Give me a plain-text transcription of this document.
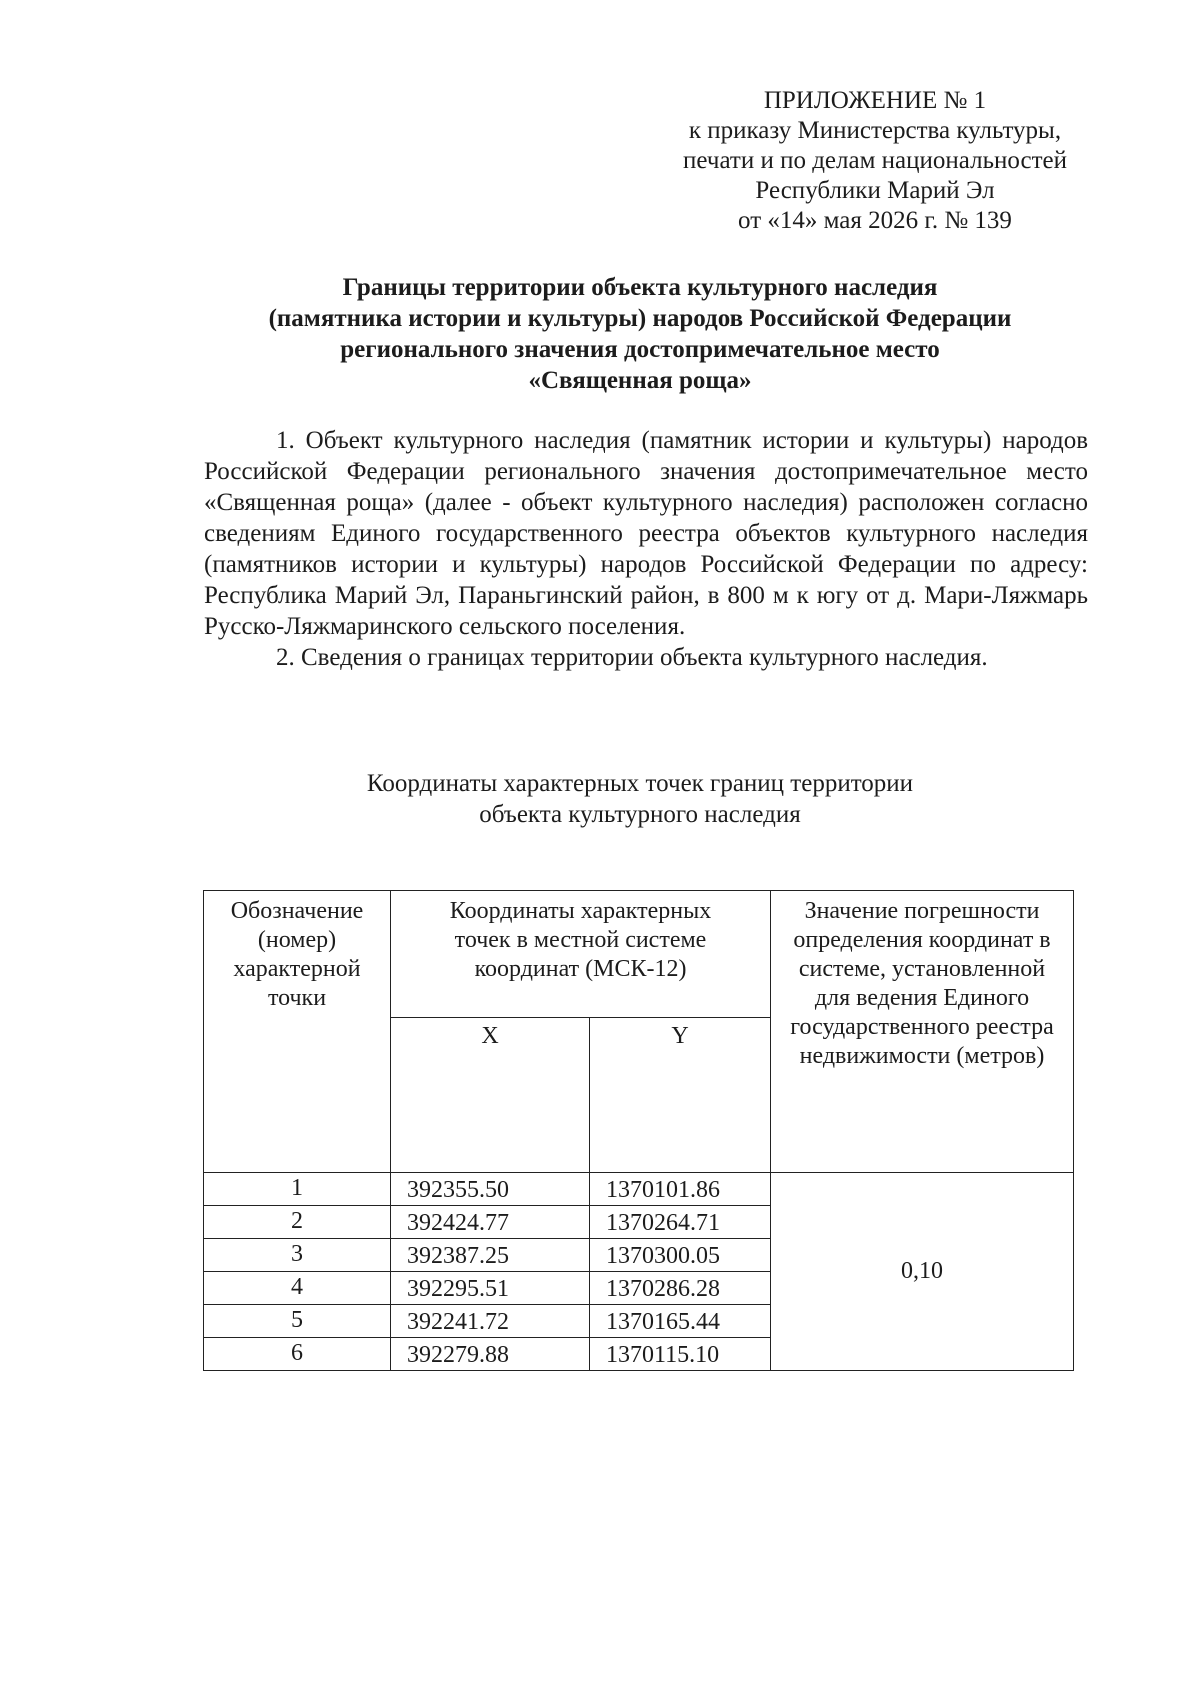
ПРИЛОЖЕНИЕ № 1
к приказу Министерства культуры,
печати и по делам национальностей
Республики Марий Эл
от «14» мая 2026 г. № 139
Границы территории объекта культурного наследия
(памятника истории и культуры) народов Российской Федерации
регионального значения достопримечательное место
«Священная роща»

1. Объект культурного наследия (памятник истории и культуры) народов Российской Федерации регионального значения достопримечательное место «Священная роща» (далее - объект культурного наследия) расположен согласно сведениям Единого государственного реестра объектов культурного наследия (памятников истории и культуры) народов Российской Федерации по адресу: Республика Марий Эл, Параньгинский район, в 800 м к югу от д. Мари-Ляжмарь Русско-Ляжмаринского сельского поселения.

2. Сведения о границах территории объекта культурного наследия.

Координаты характерных точек границ территории
объекта культурного наследия
Обозначение (номер) характерной точки	Координаты характерных точек в местной системе координат (МСК-12)		Значение погрешности определения координат в системе, установленной для ведения Единого государственного реестра недвижимости (метров)

	X	Y	
1	392355.50	1370101.86	0,10
2	392424.77	1370264.71	
3	392387.25	1370300.05	
4	392295.51	1370286.28	
5	392241.72	1370165.44	
6	392279.88	1370115.10	
